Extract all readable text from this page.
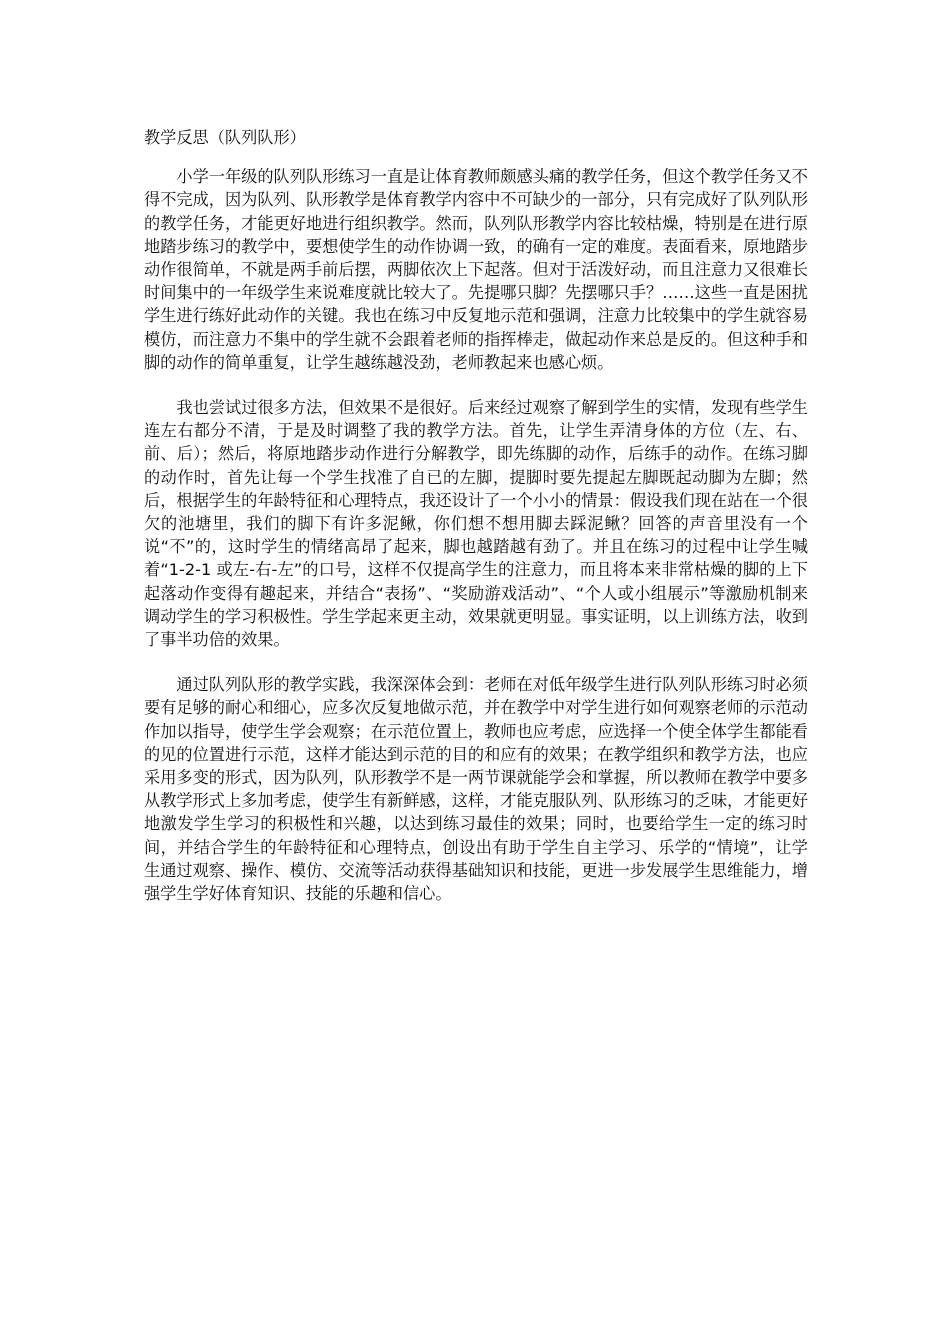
教学反思（队列队形）

小学一年级的队列队形练习一直是让体育教师颇感头痛的教学任务，但这个教学任务又不得不完成，因为队列、队形教学是体育教学内容中不可缺少的一部分，只有完成好了队列队形的教学任务，才能更好地进行组织教学。然而，队列队形教学内容比较枯燥，特别是在进行原地踏步练习的教学中，要想使学生的动作协调一致，的确有一定的难度。表面看来，原地踏步动作很简单，不就是两手前后摆，两脚依次上下起落。但对于活泼好动，而且注意力又很难长时间集中的一年级学生来说难度就比较大了。先提哪只脚？先摆哪只手？……这些一直是困扰学生进行练好此动作的关键。我也在练习中反复地示范和强调，注意力比较集中的学生就容易模仿，而注意力不集中的学生就不会跟着老师的指挥棒走，做起动作来总是反的。但这种手和脚的动作的简单重复，让学生越练越没劲，老师教起来也感心烦。

我也尝试过很多方法，但效果不是很好。后来经过观察了解到学生的实情，发现有些学生连左右都分不清，于是及时调整了我的教学方法。首先，让学生弄清身体的方位（左、右、前、后）；然后，将原地踏步动作进行分解教学，即先练脚的动作，后练手的动作。在练习脚的动作时，首先让每一个学生找准了自已的左脚，提脚时要先提起左脚既起动脚为左脚；然后，根据学生的年龄特征和心理特点，我还设计了一个小小的情景：假设我们现在站在一个很欠的池塘里，我们的脚下有许多泥鳅，你们想不想用脚去踩泥鳅？回答的声音里没有一个说“不”的，这时学生的情绪高昂了起来，脚也越踏越有劲了。并且在练习的过程中让学生喊着“1-2-1 或左-右-左”的口号，这样不仅提高学生的注意力，而且将本来非常枯燥的脚的上下起落动作变得有趣起来，并结合“表扬”、“奖励游戏活动”、“个人或小组展示”等激励机制来调动学生的学习积极性。学生学起来更主动，效果就更明显。事实证明，以上训练方法，收到了事半功倍的效果。

通过队列队形的教学实践，我深深体会到：老师在对低年级学生进行队列队形练习时必须要有足够的耐心和细心，应多次反复地做示范，并在教学中对学生进行如何观察老师的示范动作加以指导，使学生学会观察；在示范位置上，教师也应考虑，应选择一个使全体学生都能看的见的位置进行示范，这样才能达到示范的目的和应有的效果；在教学组织和教学方法，也应采用多变的形式，因为队列，队形教学不是一两节课就能学会和掌握，所以教师在教学中要多从教学形式上多加考虑，使学生有新鲜感，这样，才能克服队列、队形练习的乏味，才能更好地激发学生学习的积极性和兴趣，以达到练习最佳的效果；同时，也要给学生一定的练习时间，并结合学生的年龄特征和心理特点，创设出有助于学生自主学习、乐学的“情境”，让学生通过观察、操作、模仿、交流等活动获得基础知识和技能，更进一步发展学生思维能力，增强学生学好体育知识、技能的乐趣和信心。
